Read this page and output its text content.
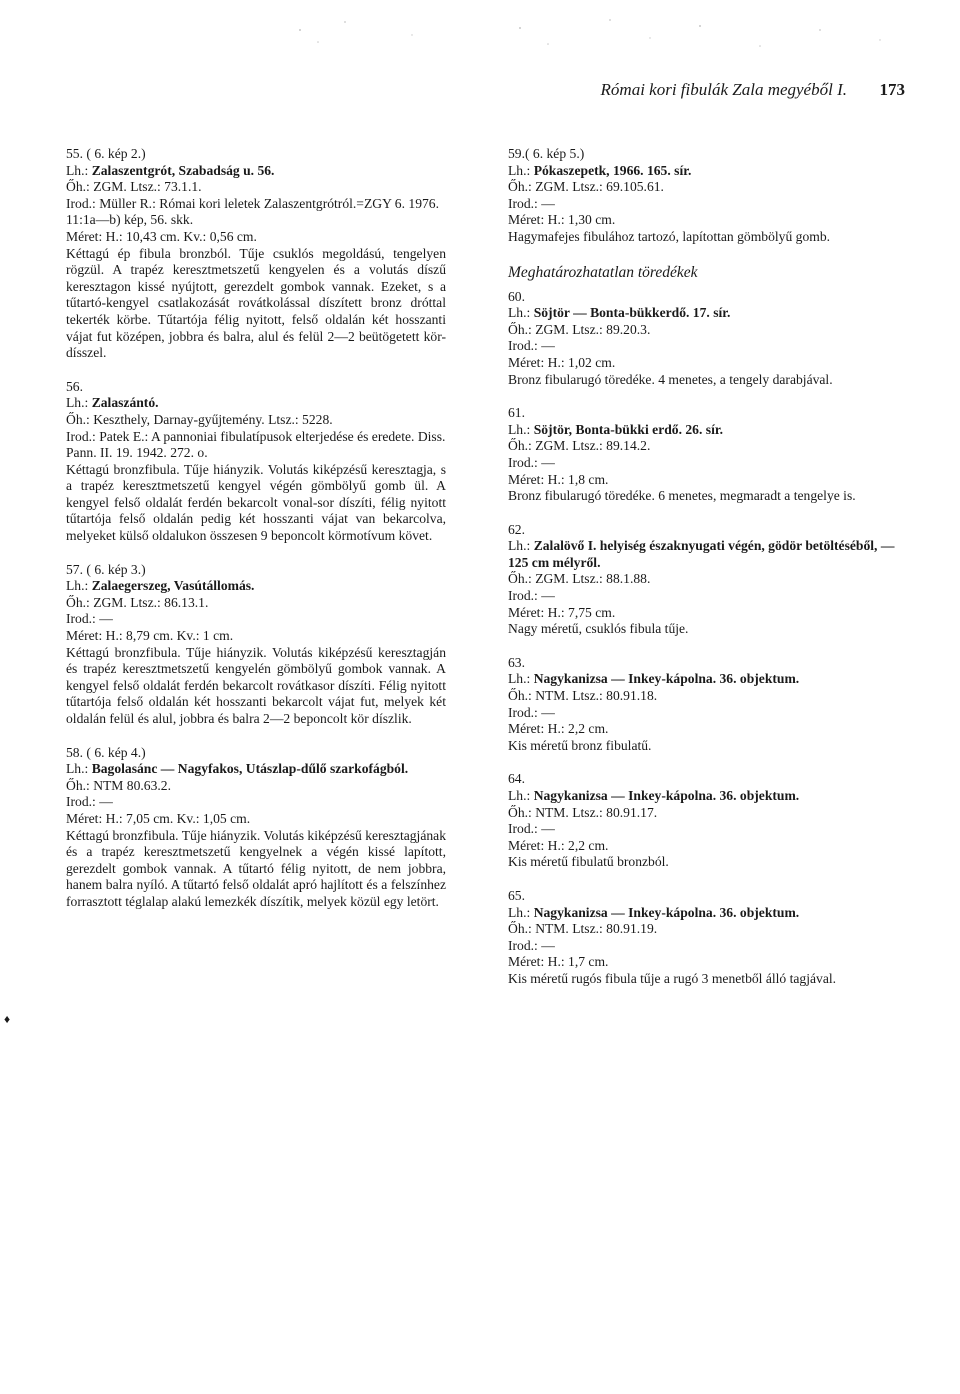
Római kori fibulák Zala megyéből I. 173
55. ( 6. kép 2.)

Lh.: Zalaszentgrót, Szabadság u. 56.

Őh.: ZGM. Ltsz.: 73.1.1.

Irod.: Müller R.: Római kori leletek Zalaszentgrótról.=ZGY 6. 1976. 11:1a—b) kép, 56. skk.

Méret: H.: 10,43 cm. Kv.: 0,56 cm.

Kéttagú ép fibula bronzból. Tűje csuklós megoldású, tengelyen rögzül. A trapéz keresztmetszetű kengyelen és a volutás díszű keresztagon kissé nyújtott, gerezdelt gombok vannak. Ezeket, s a tűtartó-kengyel csatlakozását rovátkolással díszített bronz dróttal tekerték körbe. Tűtartója félig nyitott, felső oldalán két hosszanti vájat fut középen, jobbra és balra, alul és felül 2—2 beütögetett kör-dísszel.

56.

Lh.: Zalaszántó.

Őh.: Keszthely, Darnay-gyűjtemény. Ltsz.: 5228.

Irod.: Patek E.: A pannoniai fibulatípusok elterjedése és eredete. Diss. Pann. II. 19. 1942. 272. o.

Kéttagú bronzfibula. Tűje hiányzik. Volutás kiképzésű keresztagja, s a trapéz keresztmetszetű kengyel végén gömbölyű gomb ül. A kengyel felső oldalát ferdén bekarcolt vonal-sor díszíti, félig nyitott tűtartója felső oldalán pedig két hosszanti vájat van bekarcolva, melyeket külső oldalukon összesen 9 beponcolt körmotívum követ.

57. ( 6. kép 3.)

Lh.: Zalaegerszeg, Vasútállomás.

Őh.: ZGM. Ltsz.: 86.13.1.

Irod.: —

Méret: H.: 8,79 cm. Kv.: 1 cm.

Kéttagú bronzfibula. Tűje hiányzik. Volutás kiképzésű keresztagján és trapéz keresztmetszetű kengyelén gömbölyű gombok vannak. A kengyel felső oldalát ferdén bekarcolt rovátkasor díszíti. Félig nyitott tűtartója felső oldalán két hosszanti bekarcolt vájat fut, melyek két oldalán felül és alul, jobbra és balra 2—2 beponcolt kör díszlik.

58. ( 6. kép 4.)

Lh.: Bagolasánc — Nagyfakos, Utászlap-dűlő szarkofágból.

Őh.: NTM 80.63.2.

Irod.: —

Méret: H.: 7,05 cm. Kv.: 1,05 cm.

Kéttagú bronzfibula. Tűje hiányzik. Volutás kiképzésű keresztagjának és a trapéz keresztmetszetű kengyelnek a végén kissé lapított, gerezdelt gombok vannak. A tűtartó félig nyitott, de nem jobbra, hanem balra nyíló. A tűtartó felső oldalát apró hajlított és a felszínhez forrasztott téglalap alakú lemezkék díszítik, melyek közül egy letört.

59.( 6. kép 5.)

Lh.: Pókaszepetk, 1966. 165. sír.

Őh.: ZGM. Ltsz.: 69.105.61.

Irod.: —

Méret: H.: 1,30 cm.

Hagymafejes fibulához tartozó, lapítottan gömbölyű gomb.

Meghatározhatatlan töredékek
60.

Lh.: Söjtör — Bonta-bükkerdő. 17. sír.

Őh.: ZGM. Ltsz.: 89.20.3.

Irod.: —

Méret: H.: 1,02 cm.

Bronz fibularugó töredéke. 4 menetes, a tengely darabjával.

61.

Lh.: Söjtör, Bonta-bükki erdő. 26. sír.

Őh.: ZGM. Ltsz.: 89.14.2.

Irod.: —

Méret: H.: 1,8 cm.

Bronz fibularugó töredéke. 6 menetes, megmaradt a tengelye is.

62.

Lh.: Zalalövő I. helyiség északnyugati végén, gödör betöltéséből, — 125 cm mélyről.

Őh.: ZGM. Ltsz.: 88.1.88.

Irod.: —

Méret: H.: 7,75 cm.

Nagy méretű, csuklós fibula tűje.

63.

Lh.: Nagykanizsa — Inkey-kápolna. 36. objektum.

Őh.: NTM. Ltsz.: 80.91.18.

Irod.: —

Méret: H.: 2,2 cm.

Kis méretű bronz fibulatű.

64.

Lh.: Nagykanizsa — Inkey-kápolna. 36. objektum.

Őh.: NTM. Ltsz.: 80.91.17.

Irod.: —

Méret: H.: 2,2 cm.

Kis méretű fibulatű bronzból.

65.

Lh.: Nagykanizsa — Inkey-kápolna. 36. objektum.

Őh.: NTM. Ltsz.: 80.91.19.

Irod.: —

Méret: H.: 1,7 cm.

Kis méretű rugós fibula tűje a rugó 3 menetből álló tagjával.

♦
